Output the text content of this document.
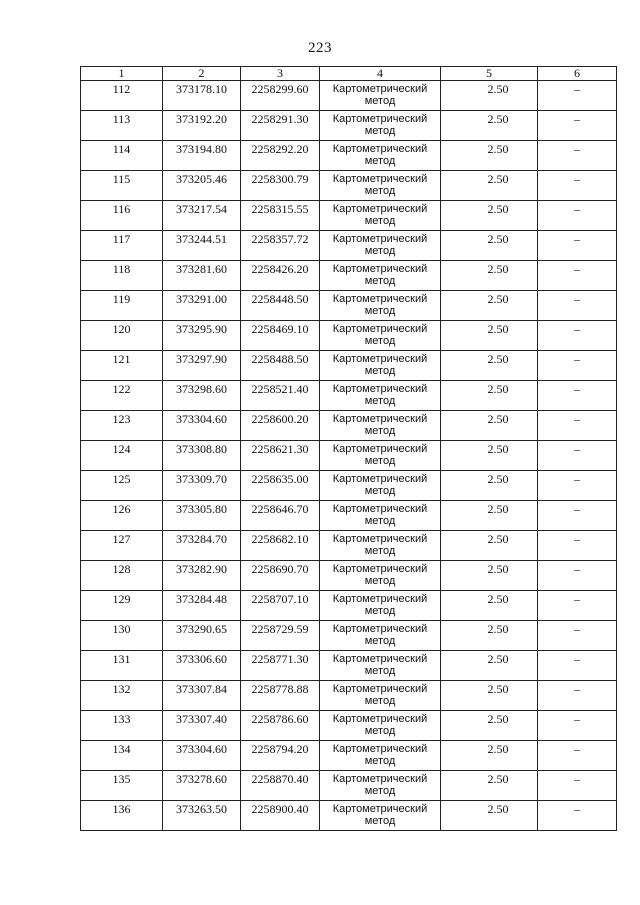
223
1	2	3	4	5	6
112	373178.10	2258299.60	Картометрический метод	2.50	–
113	373192.20	2258291.30	Картометрический метод	2.50	–
114	373194.80	2258292.20	Картометрический метод	2.50	–
115	373205.46	2258300.79	Картометрический метод	2.50	–
116	373217.54	2258315.55	Картометрический метод	2.50	–
117	373244.51	2258357.72	Картометрический метод	2.50	–
118	373281.60	2258426.20	Картометрический метод	2.50	–
119	373291.00	2258448.50	Картометрический метод	2.50	–
120	373295.90	2258469.10	Картометрический метод	2.50	–
121	373297.90	2258488.50	Картометрический метод	2.50	–
122	373298.60	2258521.40	Картометрический метод	2.50	–
123	373304.60	2258600.20	Картометрический метод	2.50	–
124	373308.80	2258621.30	Картометрический метод	2.50	–
125	373309.70	2258635.00	Картометрический метод	2.50	–
126	373305.80	2258646.70	Картометрический метод	2.50	–
127	373284.70	2258682.10	Картометрический метод	2.50	–
128	373282.90	2258690.70	Картометрический метод	2.50	–
129	373284.48	2258707.10	Картометрический метод	2.50	–
130	373290.65	2258729.59	Картометрический метод	2.50	–
131	373306.60	2258771.30	Картометрический метод	2.50	–
132	373307.84	2258778.88	Картометрический метод	2.50	–
133	373307.40	2258786.60	Картометрический метод	2.50	–
134	373304.60	2258794.20	Картометрический метод	2.50	–
135	373278.60	2258870.40	Картометрический метод	2.50	–
136	373263.50	2258900.40	Картометрический метод	2.50	–
